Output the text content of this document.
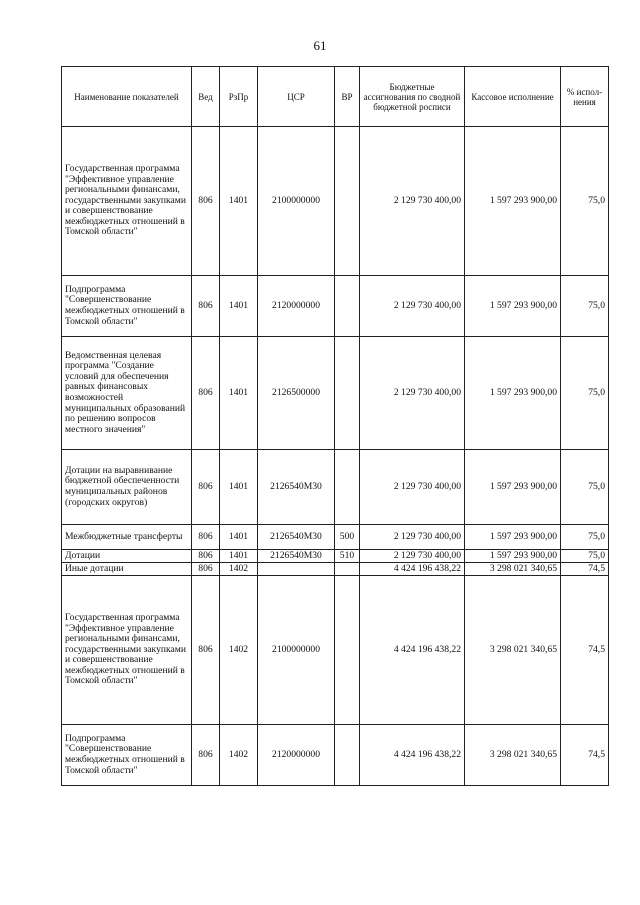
61
Наименование показателей	Вед	РзПр	ЦСР	ВР	Бюджетные ассигнования по сводной бюджетной росписи	Кассовое исполнение	% испол-нения
Государственная программа "Эффективное управление региональными финансами, государственными закупками и совершенствование межбюджетных отношений в Томской области"	806	1401	2100000000		2 129 730 400,00	1 597 293 900,00	75,0
Подпрограмма "Совершенствование межбюджетных отношений в Томской области"	806	1401	2120000000		2 129 730 400,00	1 597 293 900,00	75,0
Ведомственная целевая программа "Создание условий для обеспечения равных финансовых возможностей муниципальных образований по решению вопросов местного значения"	806	1401	2126500000		2 129 730 400,00	1 597 293 900,00	75,0
Дотации на выравнивание бюджетной обеспеченности муниципальных районов (городских округов)	806	1401	2126540М30		2 129 730 400,00	1 597 293 900,00	75,0
Межбюджетные трансферты	806	1401	2126540М30	500	2 129 730 400,00	1 597 293 900,00	75,0
Дотации	806	1401	2126540М30	510	2 129 730 400,00	1 597 293 900,00	75,0
Иные дотации	806	1402			4 424 196 438,22	3 298 021 340,65	74,5
Государственная программа "Эффективное управление региональными финансами, государственными закупками и совершенствование межбюджетных отношений в Томской области"	806	1402	2100000000		4 424 196 438,22	3 298 021 340,65	74,5
Подпрограмма "Совершенствование межбюджетных отношений в Томской области"	806	1402	2120000000		4 424 196 438,22	3 298 021 340,65	74,5
